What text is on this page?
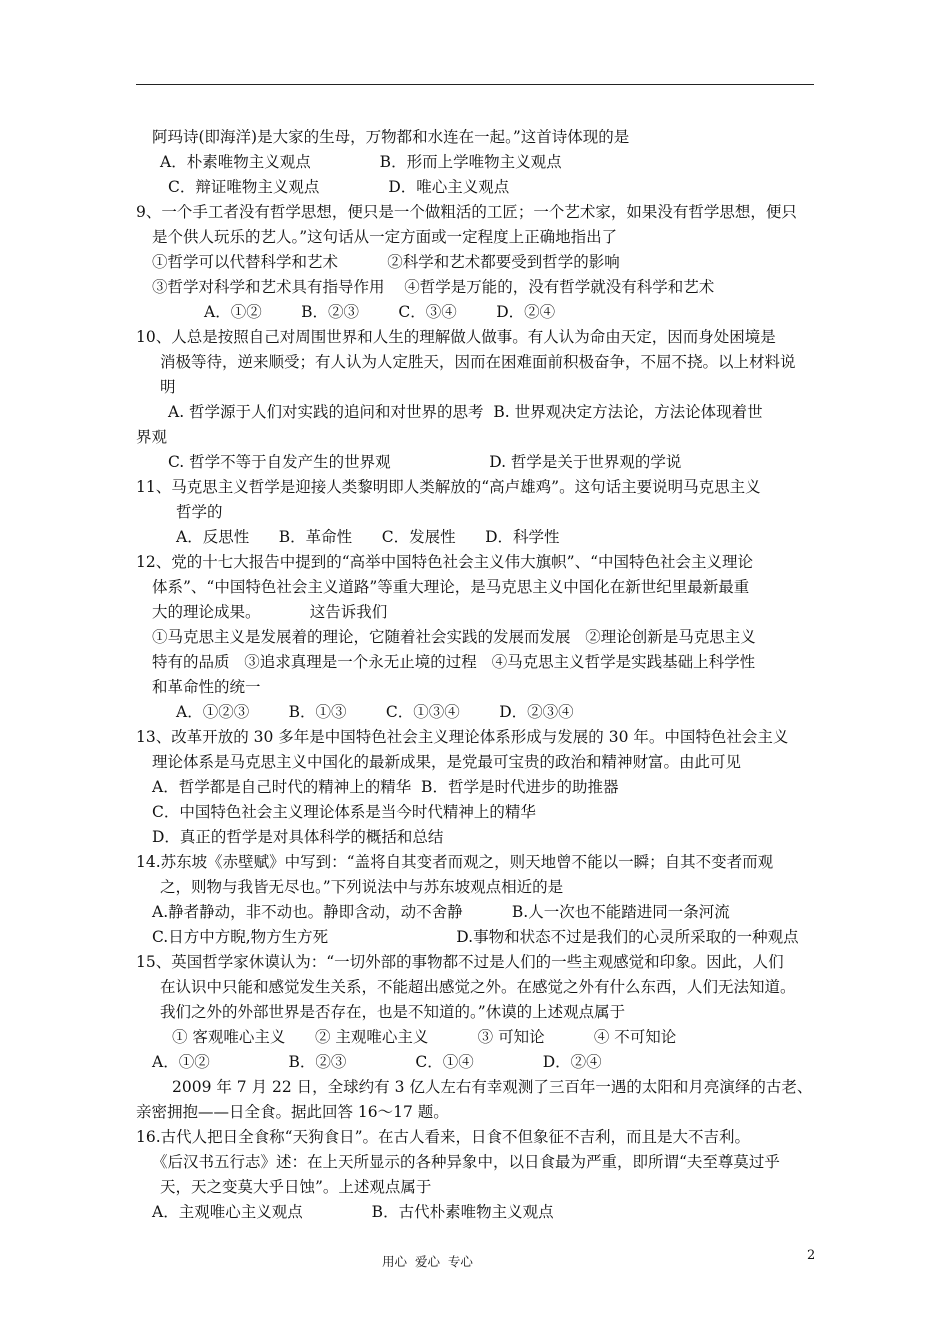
阿玛诗(即海洋)是大家的生母，万物都和水连在一起。”这首诗体现的是
A．朴素唯物主义观点              B．形而上学唯物主义观点
C．辩证唯物主义观点              D．唯心主义观点
9、一个手工者没有哲学思想，便只是一个做粗活的工匠；一个艺术家，如果没有哲学思想，便只
是个供人玩乐的艺人。”这句话从一定方面或一定程度上正确地指出了
①哲学可以代替科学和艺术          ②科学和艺术都要受到哲学的影响
③哲学对科学和艺术具有指导作用    ④哲学是万能的，没有哲学就没有科学和艺术
A．①②        B．②③        C．③④        D．②④
10、人总是按照自己对周围世界和人生的理解做人做事。有人认为命由天定，因而身处困境是
消极等待，逆来顺受；有人认为人定胜天，因而在困难面前积极奋争，不屈不挠。以上材料说
明
A. 哲学源于人们对实践的追问和对世界的思考  B. 世界观决定方法论，方法论体现着世
界观
C. 哲学不等于自发产生的世界观                    D. 哲学是关于世界观的学说
11、马克思主义哲学是迎接人类黎明即人类解放的“高卢雄鸡”。这句话主要说明马克思主义
哲学的
A．反思性      B．革命性      C．发展性      D．科学性
12、党的十七大报告中提到的“高举中国特色社会主义伟大旗帜”、“中国特色社会主义理论
体系”、“中国特色社会主义道路”等重大理论，是马克思主义中国化在新世纪里最新最重
大的理论成果。          这告诉我们
①马克思主义是发展着的理论，它随着社会实践的发展而发展   ②理论创新是马克思主义
特有的品质   ③追求真理是一个永无止境的过程   ④马克思主义哲学是实践基础上科学性
和革命性的统一
A．①②③        B．①③        C．①③④        D．②③④
13、改革开放的 30 多年是中国特色社会主义理论体系形成与发展的 30 年。中国特色社会主义
理论体系是马克思主义中国化的最新成果，是党最可宝贵的政治和精神财富。由此可见
A．哲学都是自己时代的精神上的精华  B．哲学是时代进步的助推器
C．中国特色社会主义理论体系是当今时代精神上的精华
D．真正的哲学是对具体科学的概括和总结
14.苏东坡《赤壁赋》中写到：“盖将自其变者而观之，则天地曾不能以一瞬；自其不变者而观
之，则物与我皆无尽也。”下列说法中与苏东坡观点相近的是
A.静者静动，非不动也。静即含动，动不舍静          B.人一次也不能踏进同一条河流
C.日方中方睨,物方生方死                          D.事物和状态不过是我们的心灵所采取的一种观点
15、英国哲学家休谟认为：“一切外部的事物都不过是人们的一些主观感觉和印象。因此，人们
在认识中只能和感觉发生关系，不能超出感觉之外。在感觉之外有什么东西，人们无法知道。
我们之外的外部世界是否存在，也是不知道的。”休谟的上述观点属于
① 客观唯心主义      ② 主观唯心主义          ③ 可知论          ④ 不可知论
A．①②                B．②③              C．①④              D．②④
2009 年 7 月 22 日，全球约有 3 亿人左右有幸观测了三百年一遇的太阳和月亮演绎的古老、
亲密拥抱——日全食。据此回答 16～17 题。
16.古代人把日全食称“天狗食日”。在古人看来，日食不但象征不吉利，而且是大不吉利。
《后汉书五行志》述：在上天所显示的各种异象中，以日食最为严重，即所谓“夫至尊莫过乎
天，天之变莫大乎日蚀”。上述观点属于
A．主观唯心主义观点              B．古代朴素唯物主义观点
用心  爱心  专心	2
